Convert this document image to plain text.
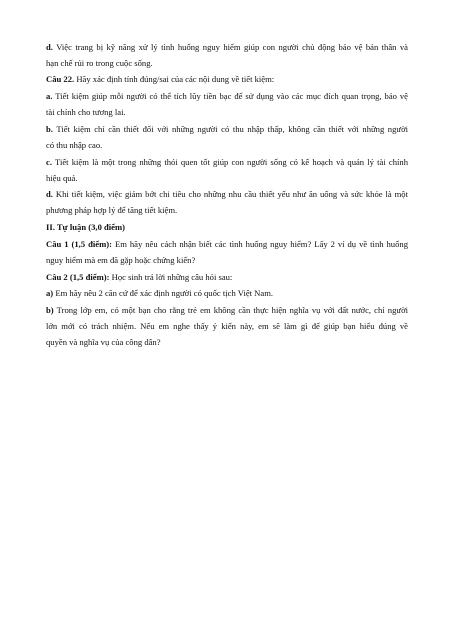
d. Việc trang bị kỹ năng xử lý tình huống nguy hiểm giúp con người chủ động bảo vệ bản thân và
hạn chế rủi ro trong cuộc sống.
Câu 22. Hãy xác định tính đúng/sai của các nội dung về tiết kiệm:
a. Tiết kiệm giúp mỗi người có thể tích lũy tiền bạc để sử dụng vào các mục đích quan trọng, bảo vệ
tài chính cho tương lai.
b. Tiết kiệm chỉ cần thiết đối với những người có thu nhập thấp, không cần thiết với những người
có thu nhập cao.
c. Tiết kiệm là một trong những thói quen tốt giúp con người sống có kế hoạch và quản lý tài chính
hiệu quả.
d. Khi tiết kiệm, việc giảm bớt chi tiêu cho những nhu cầu thiết yếu như ăn uống và sức khỏe là một
phương pháp hợp lý để tăng tiết kiệm.
II. Tự luận (3,0 điểm)
Câu 1 (1,5 điểm): Em hãy nêu cách nhận biết các tình huống nguy hiểm? Lấy 2 ví dụ về tình huống
nguy hiểm mà em đã gặp hoặc chứng kiến?
Câu 2 (1,5 điểm): Học sinh trả lời những câu hỏi sau:
a) Em hãy nêu 2 căn cứ để xác định người có quốc tịch Việt Nam.
b) Trong lớp em, có một bạn cho rằng trẻ em không cần thực hiện nghĩa vụ với đất nước, chỉ người
lớn mới có trách nhiệm. Nếu em nghe thấy ý kiến này, em sẽ làm gì để giúp bạn hiểu đúng về
quyền và nghĩa vụ của công dân?
